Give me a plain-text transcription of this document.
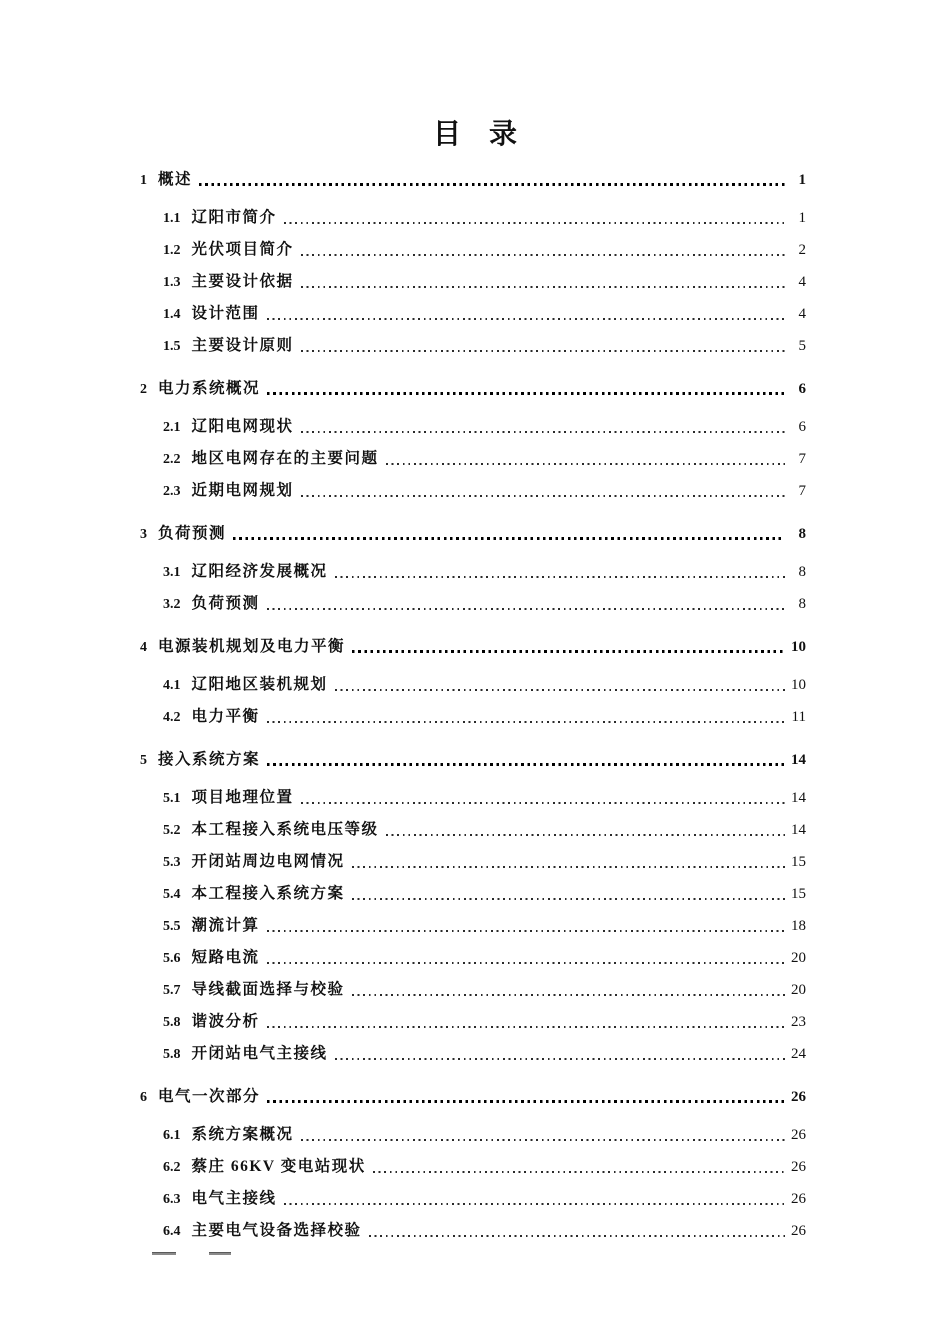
目　录
1 概述	1
1.1 辽阳市简介	1
1.2 光伏项目简介	2
1.3 主要设计依据	4
1.4 设计范围	4
1.5 主要设计原则	5
2 电力系统概况	6
2.1 辽阳电网现状	6
2.2 地区电网存在的主要问题	7
2.3 近期电网规划	7
3 负荷预测	8
3.1 辽阳经济发展概况	8
3.2 负荷预测	8
4 电源装机规划及电力平衡	10
4.1 辽阳地区装机规划	10
4.2 电力平衡	11
5 接入系统方案	14
5.1 项目地理位置	14
5.2 本工程接入系统电压等级	14
5.3 开闭站周边电网情况	15
5.4 本工程接入系统方案	15
5.5 潮流计算	18
5.6 短路电流	20
5.7 导线截面选择与校验	20
5.8 谐波分析	23
5.8 开闭站电气主接线	24
6 电气一次部分	26
6.1 系统方案概况	26
6.2 蔡庄 66KV 变电站现状	26
6.3 电气主接线	26
6.4 主要电气设备选择校验	26
